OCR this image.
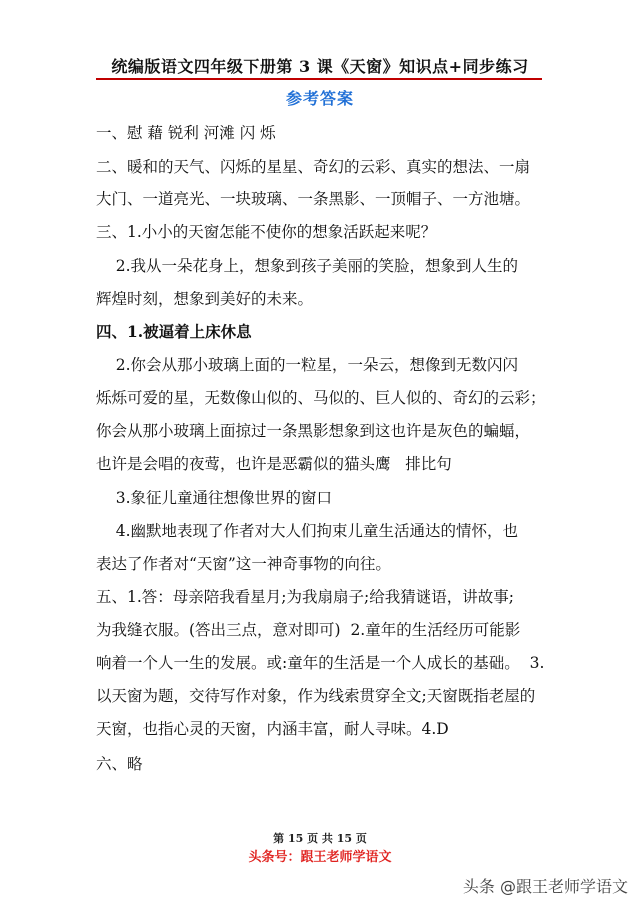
统编版语文四年级下册第 3 课《天窗》知识点+同步练习
参考答案
一、慰 藉 锐利 河滩 闪 烁
二、暖和的天气、闪烁的星星、奇幻的云彩、真实的想法、一扇
大门、一道亮光、一块玻璃、一条黑影、一顶帽子、一方池塘。
三、1.小小的天窗怎能不使你的想象活跃起来呢？
2.我从一朵花身上，想象到孩子美丽的笑脸，想象到人生的
辉煌时刻，想象到美好的未来。
四、1.被逼着上床休息
2.你会从那小玻璃上面的一粒星，一朵云，想像到无数闪闪
烁烁可爱的星，无数像山似的、马似的、巨人似的、奇幻的云彩；
你会从那小玻璃上面掠过一条黑影想象到这也许是灰色的蝙蝠，
也许是会唱的夜莺，也许是恶霸似的猫头鹰   排比句
3.象征儿童通往想像世界的窗口
4.幽默地表现了作者对大人们拘束儿童生活通达的情怀，也
表达了作者对“天窗”这一神奇事物的向往。
五、1.答：母亲陪我看星月;为我扇扇子;给我猜谜语，讲故事;
为我缝衣服。(答出三点，意对即可)  2.童年的生活经历可能影
响着一个人一生的发展。或:童年的生活是一个人成长的基础。  3.
以天窗为题，交待写作对象，作为线索贯穿全文;天窗既指老屋的
天窗，也指心灵的天窗，内涵丰富，耐人寻味。4.D
六、略
第 15 页 共 15 页
头条号：跟王老师学语文
头条 @跟王老师学语文
